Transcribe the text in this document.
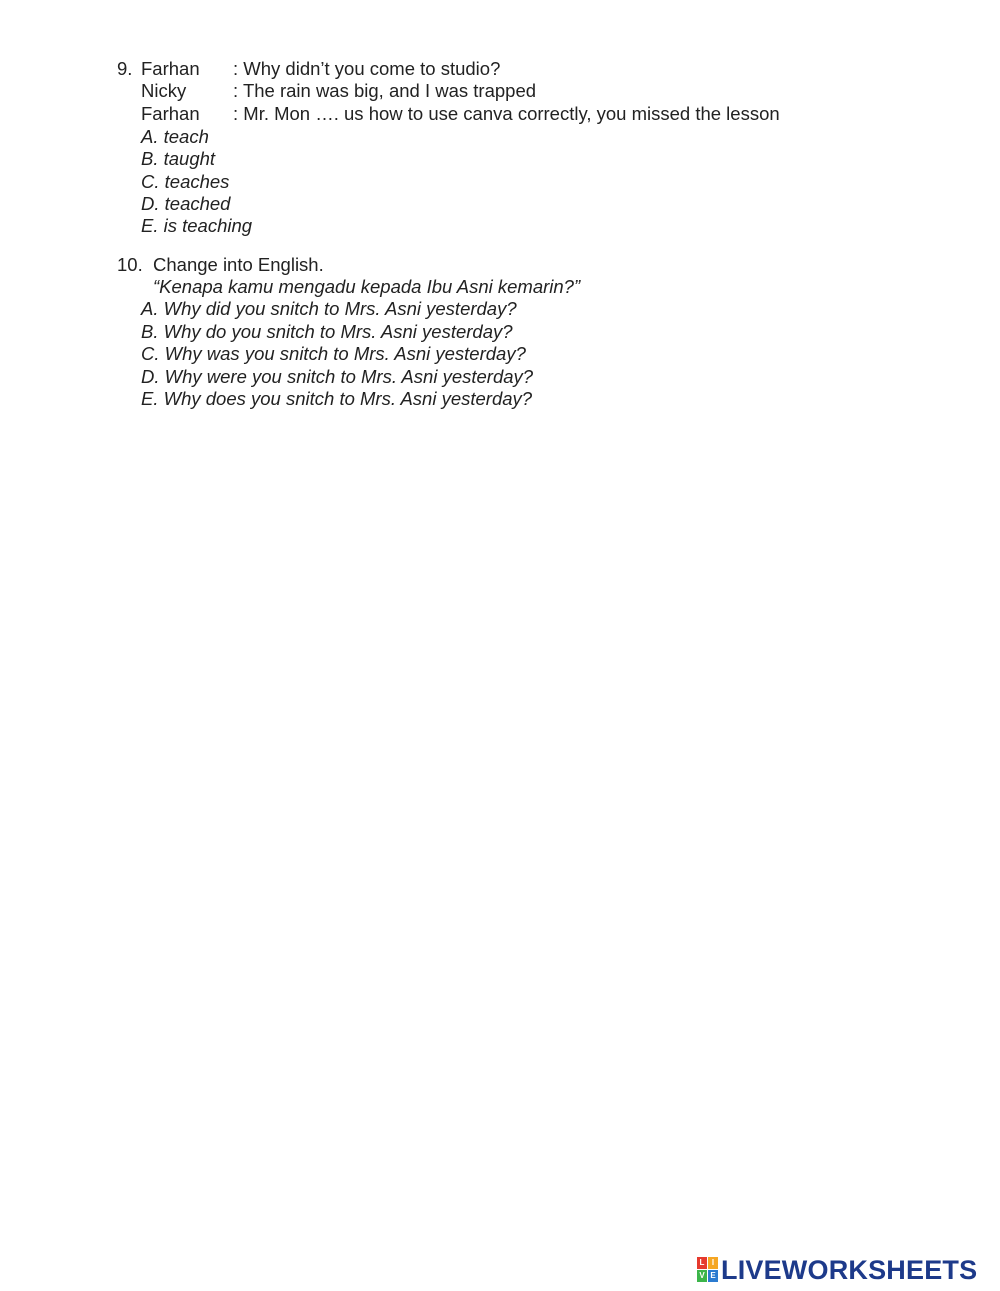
9. Farhan : Why didn’t you come to studio?
Nicky	: The rain was big, and I was trapped
Farhan : Mr. Mon …. us how to use canva correctly, you missed the lesson
A. teach
B. taught
C. teaches
D. teached
E. is teaching
10. Change into English.
“Kenapa kamu mengadu kepada Ibu Asni kemarin?”
A. Why did you snitch to Mrs. Asni yesterday?
B. Why do you snitch to Mrs. Asni yesterday?
C. Why was you snitch to Mrs. Asni yesterday?
D. Why were you snitch to Mrs. Asni yesterday?
E. Why does you snitch to Mrs. Asni yesterday?
L I
V E LIVEWORKSHEETS
